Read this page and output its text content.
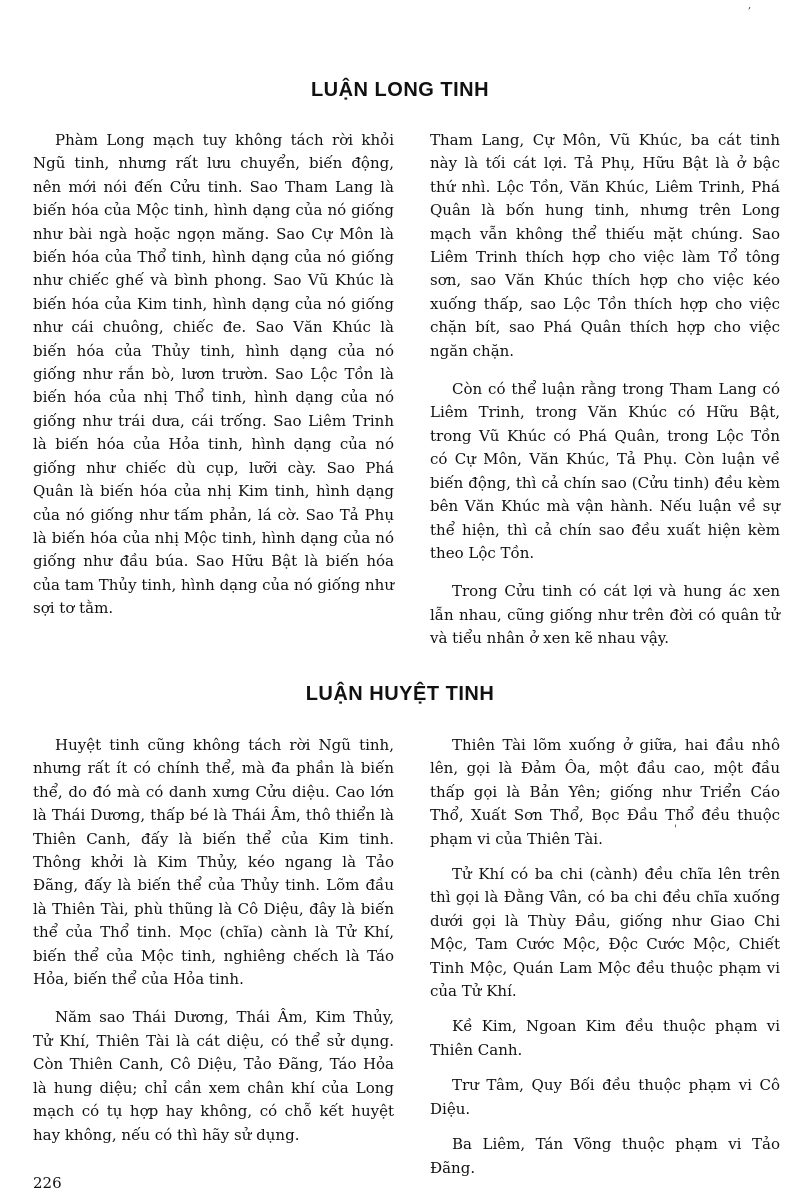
,
LUẬN LONG TINH

Phàm Long mạch tuy không tách rời khỏi Ngũ tinh, nhưng rất lưu chuyển, biến động, nên mới nói đến Cửu tinh. Sao Tham Lang là biến hóa của Mộc tinh, hình dạng của nó giống như bài ngà hoặc ngọn măng. Sao Cự Môn là biến hóa của Thổ tinh, hình dạng của nó giống như chiếc ghế và bình phong. Sao Vũ Khúc là biến hóa của Kim tinh, hình dạng của nó giống như cái chuông, chiếc đe. Sao Văn Khúc là biến hóa của Thủy tinh, hình dạng của nó giống như rắn bò, lươn trườn. Sao Lộc Tồn là biến hóa của nhị Thổ tinh, hình dạng của nó giống như trái dưa, cái trống. Sao Liêm Trinh là biến hóa của Hỏa tinh, hình dạng của nó giống như chiếc dù cụp, lưỡi cày. Sao Phá Quân là biến hóa của nhị Kim tinh, hình dạng của nó giống như tấm phản, lá cờ. Sao Tả Phụ là biến hóa của nhị Mộc tinh, hình dạng của nó giống như đầu búa. Sao Hữu Bật là biến hóa của tam Thủy tinh, hình dạng của nó giống như sợi tơ tằm.

Tham Lang, Cự Môn, Vũ Khúc, ba cát tinh này là tối cát lợi. Tả Phụ, Hữu Bật là ở bậc thứ nhì. Lộc Tồn, Văn Khúc, Liêm Trinh, Phá Quân là bốn hung tinh, nhưng trên Long mạch vẫn không thể thiếu mặt chúng. Sao Liêm Trinh thích hợp cho việc làm Tổ tông sơn, sao Văn Khúc thích hợp cho việc kéo xuống thấp, sao Lộc Tồn thích hợp cho việc chặn bít, sao Phá Quân thích hợp cho việc ngăn chặn.

Còn có thể luận rằng trong Tham Lang có Liêm Trinh, trong Văn Khúc có Hữu Bật, trong Vũ Khúc có Phá Quân, trong Lộc Tồn có Cự Môn, Văn Khúc, Tả Phụ. Còn luận về biến động, thì cả chín sao (Cửu tinh) đều kèm bên Văn Khúc mà vận hành. Nếu luận về sự thể hiện, thì cả chín sao đều xuất hiện kèm theo Lộc Tồn.

Trong Cửu tinh có cát lợi và hung ác xen lẫn nhau, cũng giống như trên đời có quân tử và tiểu nhân ở xen kẽ nhau vậy.

LUẬN HUYỆT TINH

Huyệt tinh cũng không tách rời Ngũ tinh, nhưng rất ít có chính thể, mà đa phần là biến thể, do đó mà có danh xưng Cửu diệu. Cao lớn là Thái Dương, thấp bé là Thái Âm, thô thiển là Thiên Canh, đấy là biến thể của Kim tinh. Thông khởi là Kim Thủy, kéo ngang là Tảo Đãng, đấy là biến thể của Thủy tinh. Lõm đầu là Thiên Tài, phù thũng là Cô Diệu, đây là biến thể của Thổ tinh. Mọc (chĩa) cành là Tử Khí, biến thể của Mộc tinh, nghiêng chếch là Táo Hỏa, biến thể của Hỏa tinh.

Năm sao Thái Dương, Thái Âm, Kim Thủy, Tử Khí, Thiên Tài là cát diệu, có thể sử dụng. Còn Thiên Canh, Cô Diệu, Tảo Đãng, Táo Hỏa là hung diệu; chỉ cần xem chân khí của Long mạch có tụ hợp hay không, có chỗ kết huyệt hay không, nếu có thì hãy sử dụng.

Thiên Tài lõm xuống ở giữa, hai đầu nhô lên, gọi là Đảm Ôa, một đầu cao, một đầu thấp gọi là Bản Yên; giống như Triển Cáo Thổ, Xuất Sơn Thổ, Bọc Đầu Thổ đều thuộc phạm vi của Thiên Tài.

Tử Khí có ba chi (cành) đều chĩa lên trên thì gọi là Đằng Vân, có ba chi đều chĩa xuống dưới gọi là Thùy Đầu, giống như Giao Chi Mộc, Tam Cước Mộc, Độc Cước Mộc, Chiết Tinh Mộc, Quán Lam Mộc đều thuộc phạm vi của Tử Khí.

Kề Kim, Ngoan Kim đều thuộc phạm vi Thiên Canh.

Trư Tâm, Quy Bối đều thuộc phạm vi Cô Diệu.

Ba Liêm, Tán Võng thuộc phạm vi Tảo Đãng.

'
226
